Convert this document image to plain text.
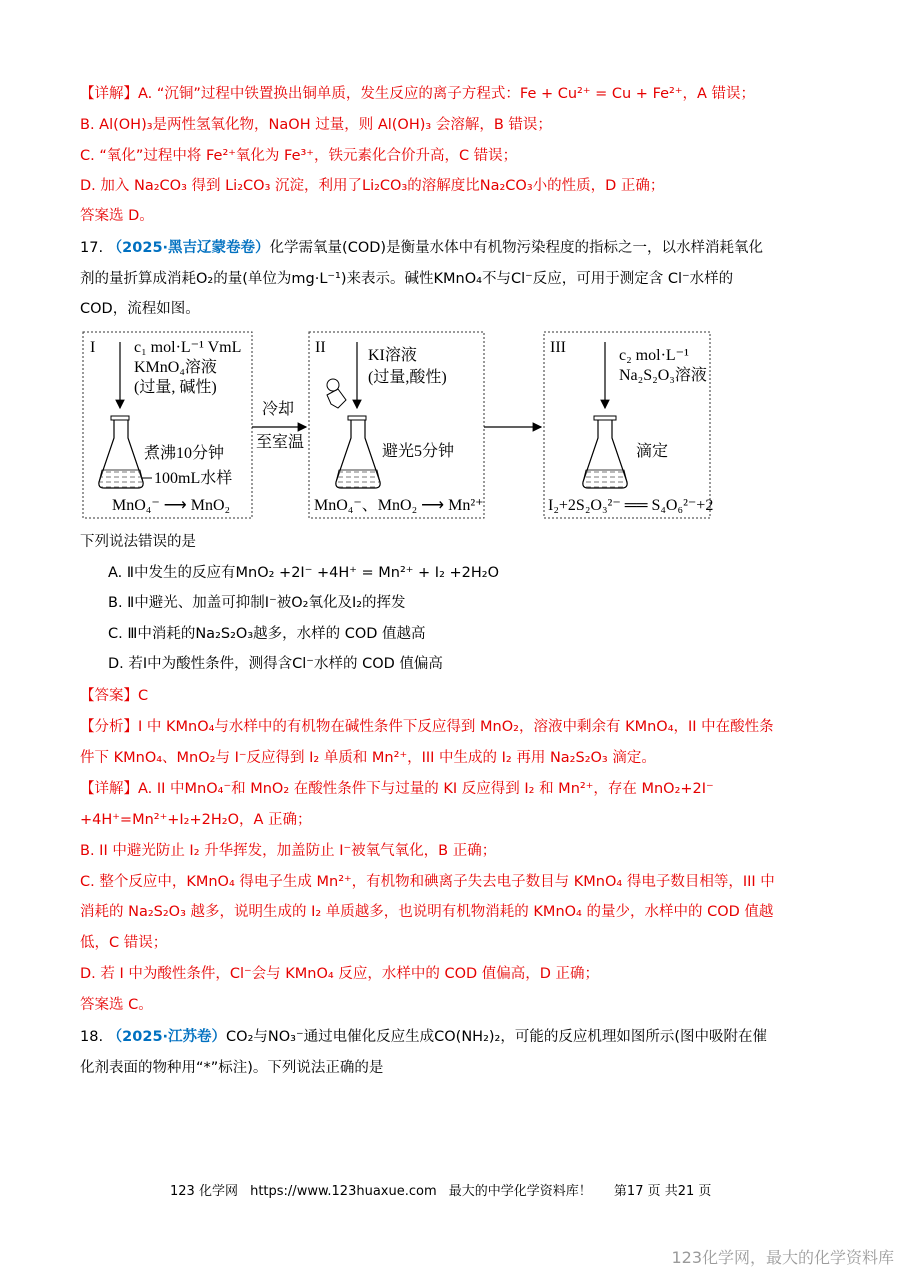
【详解】A. “沉铜”过程中铁置换出铜单质，发生反应的离子方程式：Fe + Cu²⁺ = Cu + Fe²⁺，A 错误；
B. Al(OH)₃是两性氢氧化物，NaOH 过量，则 Al(OH)₃ 会溶解，B 错误；
C. “氧化”过程中将 Fe²⁺氧化为 Fe³⁺，铁元素化合价升高，C 错误；
D. 加入 Na₂CO₃ 得到 Li₂CO₃ 沉淀，利用了Li₂CO₃的溶解度比Na₂CO₃小的性质，D 正确；
答案选 D。
17. （2025·黑吉辽蒙卷卷）化学需氧量(COD)是衡量水体中有机物污染程度的指标之一，以水样消耗氧化
剂的量折算成消耗O₂的量(单位为mg·L⁻¹)来表示。碱性KMnO₄不与Cl⁻反应，可用于测定含 Cl⁻水样的
COD，流程如图。
I c₁ mol·L⁻¹ VmL
KMnO₄溶液
(过量, 碱性)
煮沸10分钟
100mL水样
MnO₄⁻ ⟶ MnO₂
冷却
至室温
II	KI溶液
(过量,酸性)
避光5分钟
MnO₄⁻、MnO₂ ⟶ Mn²⁺
III	c₂ mol·L⁻¹
Na₂S₂O₃溶液
滴定
I₂+2S₂O₃²⁻ ══ S₄O₆²⁻+2I⁻
下列说法错误的是
A. Ⅱ中发生的反应有MnO₂ +2I⁻ +4H⁺ = Mn²⁺ + I₂ +2H₂O
B. Ⅱ中避光、加盖可抑制I⁻被O₂氧化及I₂的挥发
C. Ⅲ中消耗的Na₂S₂O₃越多，水样的 COD 值越高
D. 若Ⅰ中为酸性条件，测得含Cl⁻水样的 COD 值偏高
【答案】C
【分析】I 中 KMnO₄与水样中的有机物在碱性条件下反应得到 MnO₂，溶液中剩余有 KMnO₄，II 中在酸性条
件下 KMnO₄、MnO₂与 I⁻反应得到 I₂ 单质和 Mn²⁺，III 中生成的 I₂ 再用 Na₂S₂O₃ 滴定。
【详解】A. II 中MnO₄⁻和 MnO₂ 在酸性条件下与过量的 KI 反应得到 I₂ 和 Mn²⁺，存在 MnO₂+2I⁻
+4H⁺=Mn²⁺+I₂+2H₂O，A 正确；
B. II 中避光防止 I₂ 升华挥发，加盖防止 I⁻被氧气氧化，B 正确；
C. 整个反应中，KMnO₄ 得电子生成 Mn²⁺，有机物和碘离子失去电子数目与 KMnO₄ 得电子数目相等，III 中
消耗的 Na₂S₂O₃ 越多，说明生成的 I₂ 单质越多，也说明有机物消耗的 KMnO₄ 的量少，水样中的 COD 值越
低，C 错误；
D. 若 I 中为酸性条件，Cl⁻会与 KMnO₄ 反应，水样中的 COD 值偏高，D 正确；
答案选 C。
18. （2025·江苏卷）CO₂与NO₃⁻通过电催化反应生成CO(NH₂)₂，可能的反应机理如图所示(图中吸附在催
化剂表面的物种用“*”标注)。下列说法正确的是
123 化学网 https://www.123huaxue.com 最大的中学化学资料库！ 第17 页 共21 页
123化学网，最大的化学资料库
